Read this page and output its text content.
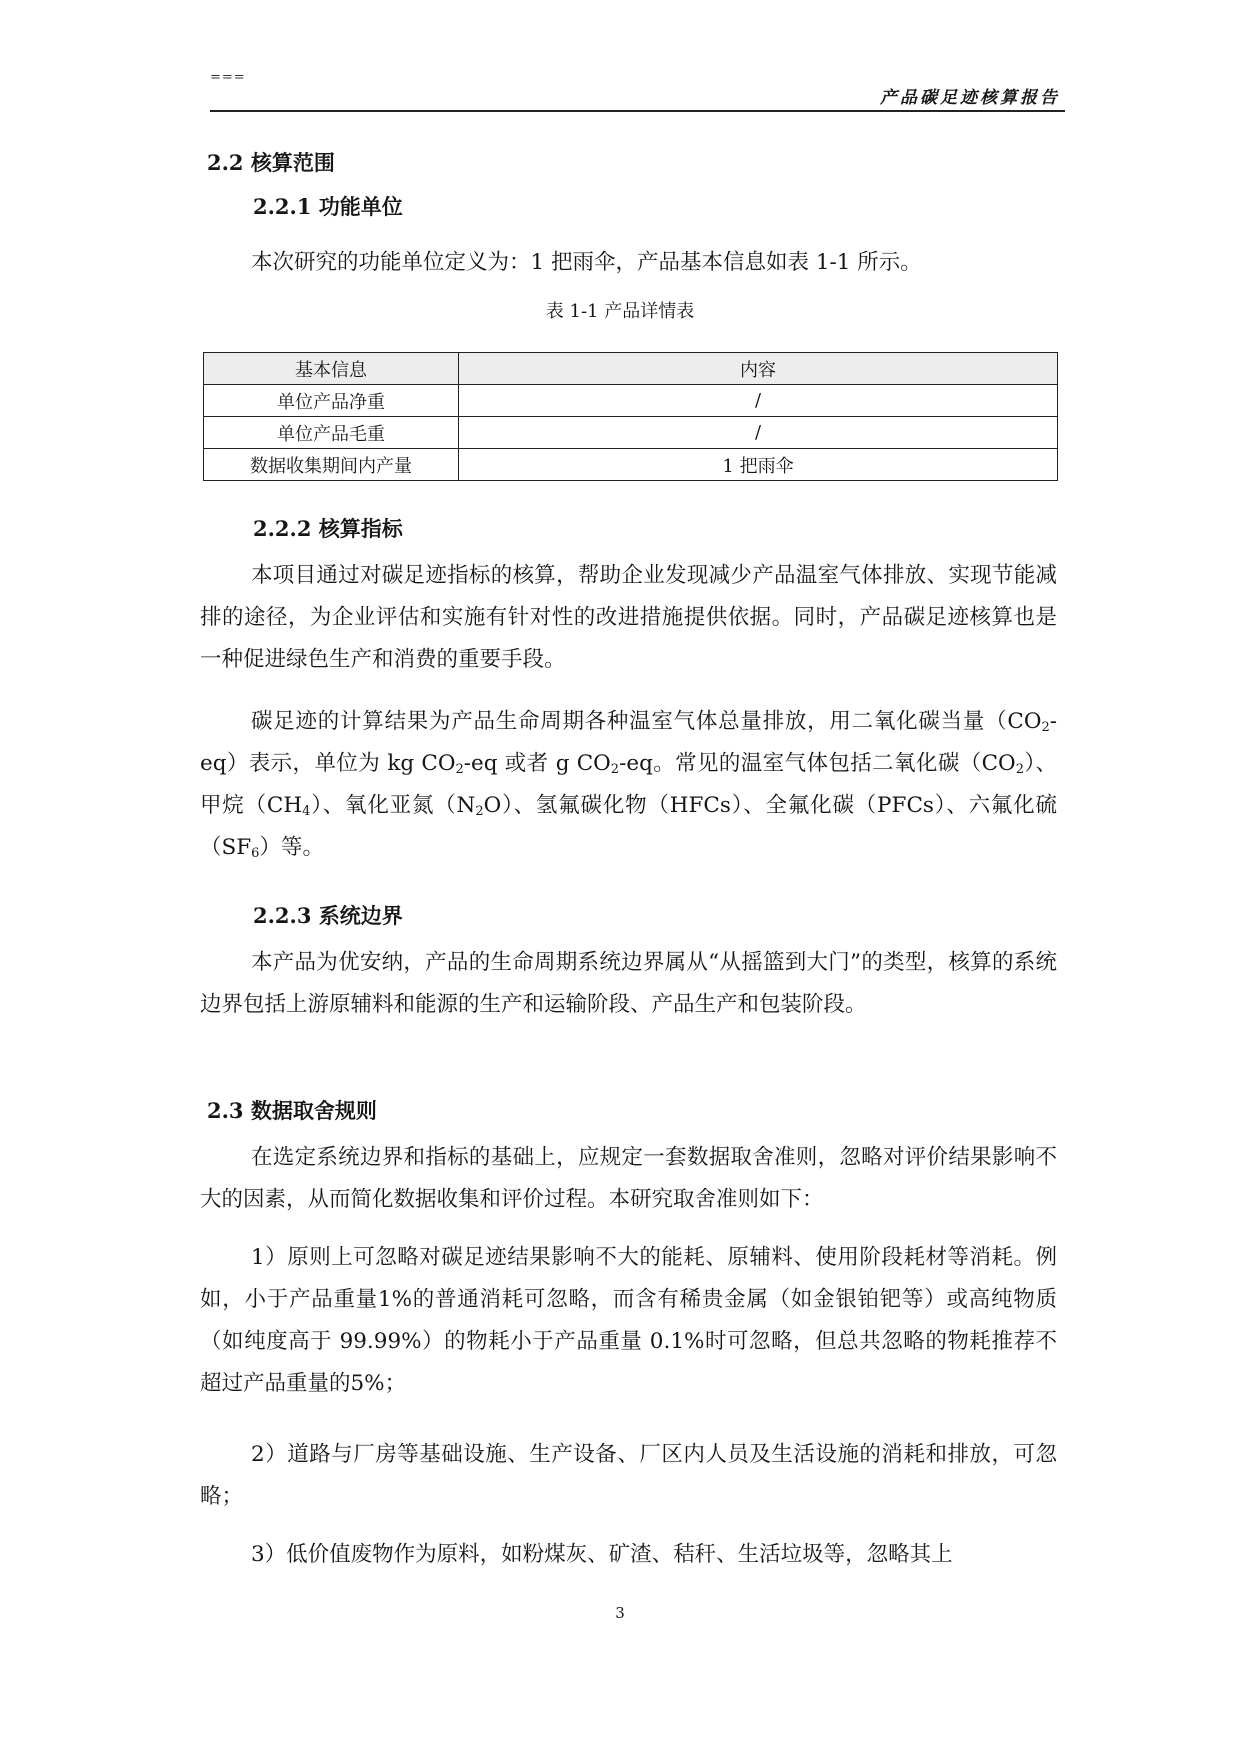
===
产品碳足迹核算报告
2.2 核算范围
2.2.1 功能单位

本次研究的功能单位定义为：1 把雨伞，产品基本信息如表 1-1 所示。

表 1-1 产品详情表
基本信息	内容
单位产品净重	/
单位产品毛重	/
数据收集期间内产量	1 把雨伞
2.2.2 核算指标

本项目通过对碳足迹指标的核算，帮助企业发现减少产品温室气体排放、实现节能减排的途径，为企业评估和实施有针对性的改进措施提供依据。同时，产品碳足迹核算也是一种促进绿色生产和消费的重要手段。

碳足迹的计算结果为产品生命周期各种温室气体总量排放，用二氧化碳当量$(CO_2-eq)$表示，单位为 kg $CO_2-eq$ 或者 g $CO_2-eq$。常见的温室气体包括二氧化碳$(CO_2)$、甲烷$(CH_4)$、氧化亚氮$(N_2O)$、氢氟碳化物（HFCs）、全氟化碳（PFCs）、六氟化硫$(SF_6)$等。

2.2.3 系统边界

本产品为优安纳，产品的生命周期系统边界属从“从摇篮到大门”的类型，核算的系统边界包括上游原辅料和能源的生产和运输阶段、产品生产和包装阶段。

2.3 数据取舍规则

在选定系统边界和指标的基础上，应规定一套数据取舍准则，忽略对评价结果影响不大的因素，从而简化数据收集和评价过程。本研究取舍准则如下：

1）原则上可忽略对碳足迹结果影响不大的能耗、原辅料、使用阶段耗材等消耗。例如，小于产品重量1%的普通消耗可忽略，而含有稀贵金属（如金银铂钯等）或高纯物质（如纯度高于 99.99%）的物耗小于产品重量 0.1%时可忽略，但总共忽略的物耗推荐不超过产品重量的5%；

2）道路与厂房等基础设施、生产设备、厂区内人员及生活设施的消耗和排放，可忽略；

3）低价值废物作为原料，如粉煤灰、矿渣、秸秆、生活垃圾等，忽略其上

3
